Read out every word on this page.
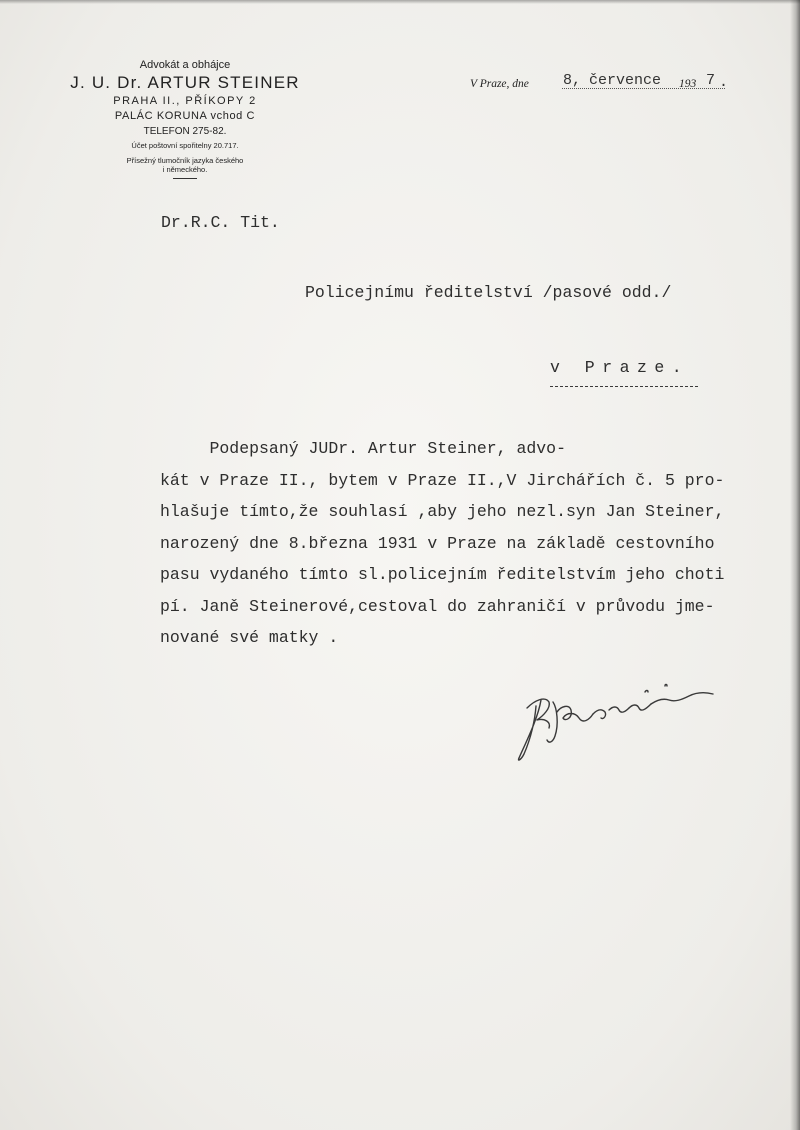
Advokát a obhájce
J. U. Dr. ARTUR STEINER
PRAHA II., PŘÍKOPY 2
PALÁC KORUNA vchod C
TELEFON 275-82.
Účet poštovní spořitelny 20.717.
Přísežný tlumočník jazyka českého
i německého.
V Praze, dne 8, července 193 7 .
Dr.R.C. Tit.
Policejnímu ředitelství /pasové odd./
v Praze.
Podepsaný JUDr. Artur Steiner, advo-
kát v Praze II., bytem v Praze II.,V Jirchářích č. 5 pro-
hlašuje tímto,že souhlasí ,aby jeho nezl.syn Jan Steiner,
narozený dne 8.března 1931 v Praze na základě cestovního
pasu vydaného tímto sl.policejním ředitelstvím jeho choti
pí. Janě Steinerové,cestoval do zahraničí v průvodu jme-
nované své matky .
